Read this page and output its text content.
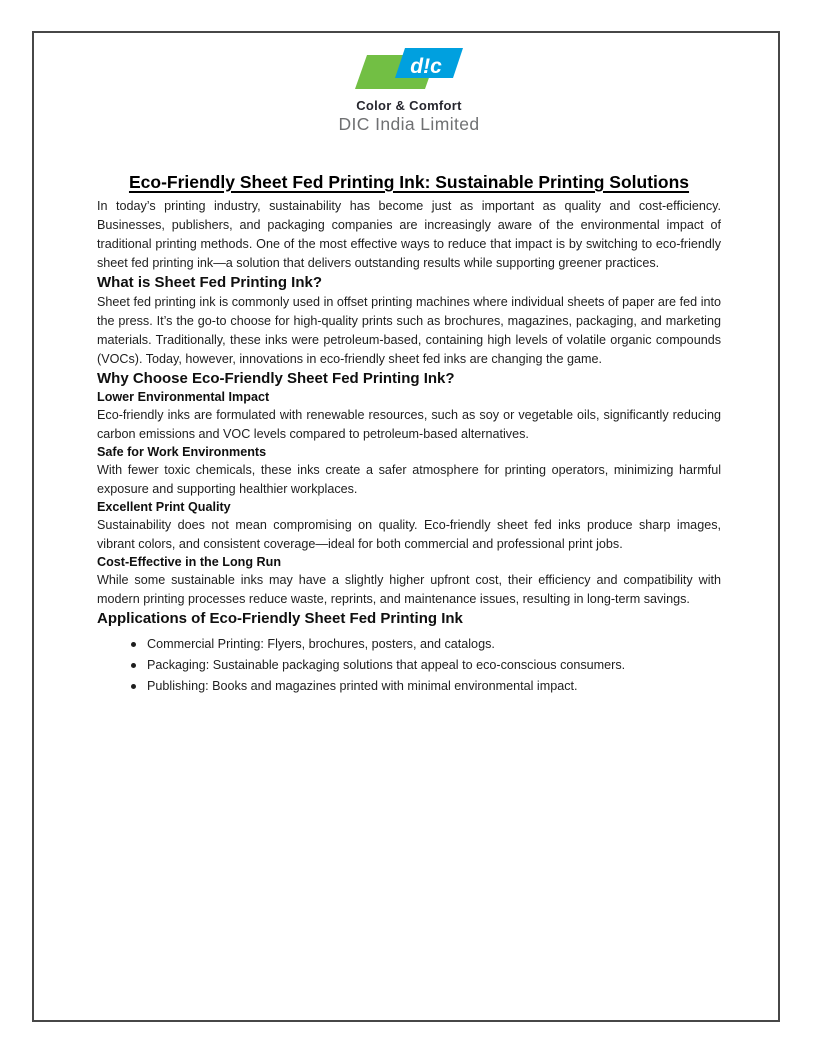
d!c
Color & Comfort
DIC India Limited
Eco-Friendly Sheet Fed Printing Ink: Sustainable Printing Solutions

In today’s printing industry, sustainability has become just as important as quality and cost-efficiency. Businesses, publishers, and packaging companies are increasingly aware of the environmental impact of traditional printing methods. One of the most effective ways to reduce that impact is by switching to eco-friendly sheet fed printing ink—a solution that delivers outstanding results while supporting greener practices.

What is Sheet Fed Printing Ink?

Sheet fed printing ink is commonly used in offset printing machines where individual sheets of paper are fed into the press. It’s the go-to choose for high-quality prints such as brochures, magazines, packaging, and marketing materials. Traditionally, these inks were petroleum-based, containing high levels of volatile organic compounds (VOCs). Today, however, innovations in eco-friendly sheet fed inks are changing the game.

Why Choose Eco-Friendly Sheet Fed Printing Ink?
Lower Environmental Impact

Eco-friendly inks are formulated with renewable resources, such as soy or vegetable oils, significantly reducing carbon emissions and VOC levels compared to petroleum-based alternatives.

Safe for Work Environments

With fewer toxic chemicals, these inks create a safer atmosphere for printing operators, minimizing harmful exposure and supporting healthier workplaces.

Excellent Print Quality

Sustainability does not mean compromising on quality. Eco-friendly sheet fed inks produce sharp images, vibrant colors, and consistent coverage—ideal for both commercial and professional print jobs.

Cost-Effective in the Long Run

While some sustainable inks may have a slightly higher upfront cost, their efficiency and compatibility with modern printing processes reduce waste, reprints, and maintenance issues, resulting in long-term savings.

Applications of Eco-Friendly Sheet Fed Printing Ink
Commercial Printing: Flyers, brochures, posters, and catalogs.
Packaging: Sustainable packaging solutions that appeal to eco-conscious consumers.
Publishing: Books and magazines printed with minimal environmental impact.
